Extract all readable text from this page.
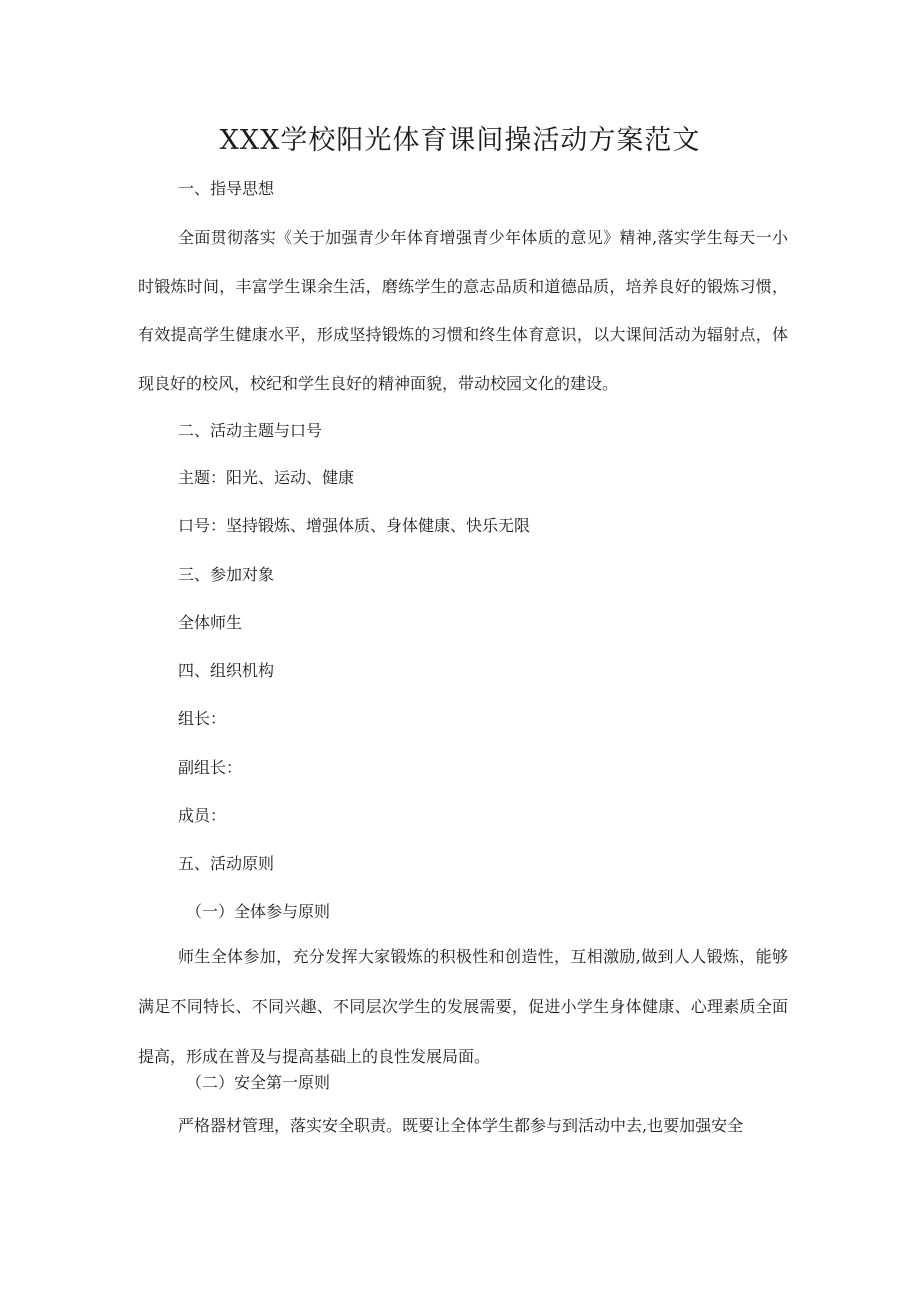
XXX学校阳光体育课间操活动方案范文
一、指导思想

全面贯彻落实《关于加强青少年体育增强青少年体质的意见》精神,落实学生每天一小时锻炼时间，丰富学生课余生活，磨练学生的意志品质和道德品质，培养良好的锻炼习惯，有效提高学生健康水平，形成坚持锻炼的习惯和终生体育意识，以大课间活动为辐射点，体现良好的校风，校纪和学生良好的精神面貌，带动校园文化的建设。

二、活动主题与口号
主题：阳光、运动、健康
口号：坚持锻炼、增强体质、身体健康、快乐无限
三、参加对象
全体师生
四、组织机构
组长：
副组长：
成员：
五、活动原则
（一）全体参与原则

师生全体参加，充分发挥大家锻炼的积极性和创造性，互相激励,做到人人锻炼，能够满足不同特长、不同兴趣、不同层次学生的发展需要，促进小学生身体健康、心理素质全面提高，形成在普及与提高基础上的良性发展局面。

（二）安全第一原则

严格器材管理，落实安全职责。既要让全体学生都参与到活动中去,也要加强安全
